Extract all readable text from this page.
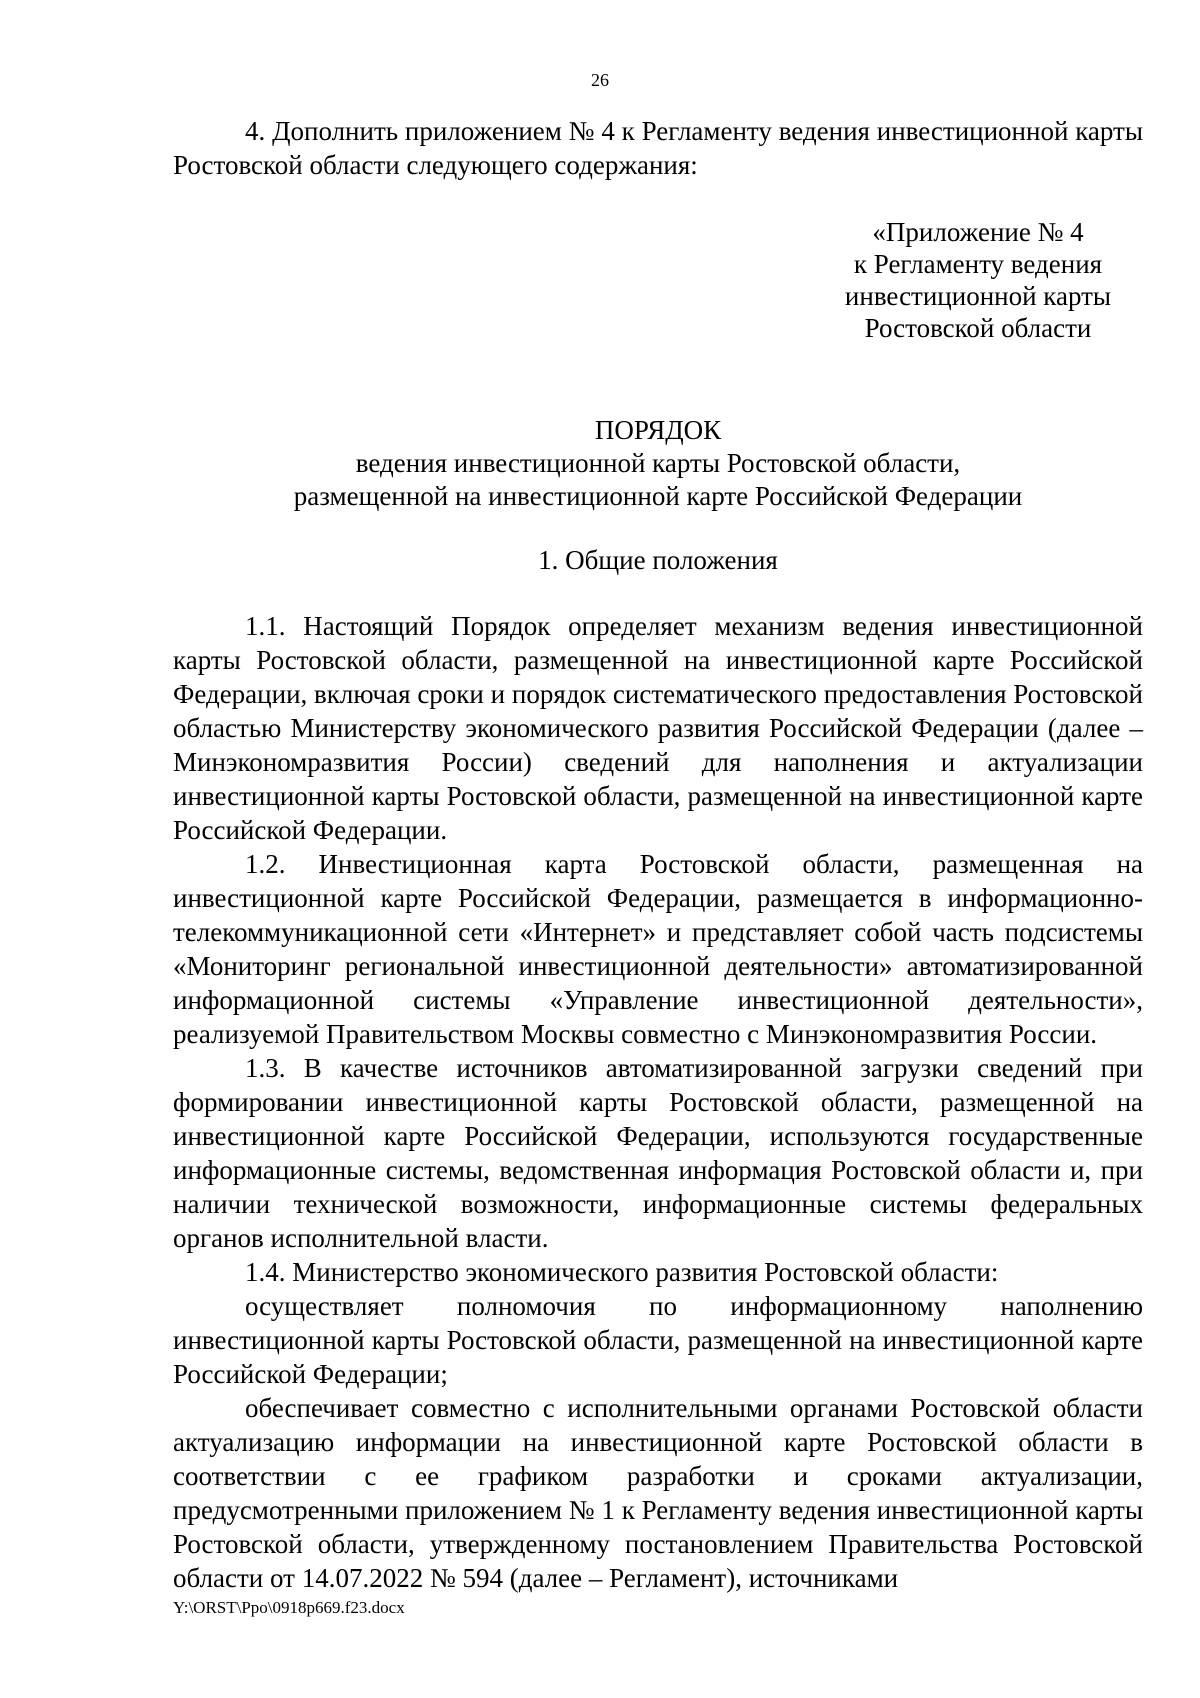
26

4. Дополнить приложением № 4 к Регламенту ведения инвестиционной карты Ростовской области следующего содержания:

«Приложение № 4
к Регламенту ведения
инвестиционной карты
Ростовской области
ПОРЯДОК
ведения инвестиционной карты Ростовской области,
размещенной на инвестиционной карте Российской Федерации
1. Общие положения

1.1. Настоящий Порядок определяет механизм ведения инвестиционной карты Ростовской области, размещенной на инвестиционной карте Российской Федерации, включая сроки и порядок систематического предоставления Ростовской областью Министерству экономического развития Российской Федерации (далее – Минэкономразвития России) сведений для наполнения и актуализации инвестиционной карты Ростовской области, размещенной на инвестиционной карте Российской Федерации.

1.2. Инвестиционная карта Ростовской области, размещенная на инвестиционной карте Российской Федерации, размещается в информационно-телекоммуникационной сети «Интернет» и представляет собой часть подсистемы «Мониторинг региональной инвестиционной деятельности» автоматизированной информационной системы «Управление инвестиционной деятельности», реализуемой Правительством Москвы совместно с Минэкономразвития России.

1.3. В качестве источников автоматизированной загрузки сведений при формировании инвестиционной карты Ростовской области, размещенной на инвестиционной карте Российской Федерации, используются государственные информационные системы, ведомственная информация Ростовской области и, при наличии технической возможности, информационные системы федеральных органов исполнительной власти.

1.4. Министерство экономического развития Ростовской области:

осуществляет полномочия по информационному наполнению инвестиционной карты Ростовской области, размещенной на инвестиционной карте Российской Федерации;

обеспечивает совместно с исполнительными органами Ростовской области актуализацию информации на инвестиционной карте Ростовской области в соответствии с ее графиком разработки и сроками актуализации, предусмотренными приложением № 1 к Регламенту ведения инвестиционной карты Ростовской области, утвержденному постановлением Правительства Ростовской области от 14.07.2022 № 594 (далее – Регламент), источниками

Y:\ORST\Ppo\0918p669.f23.docx
